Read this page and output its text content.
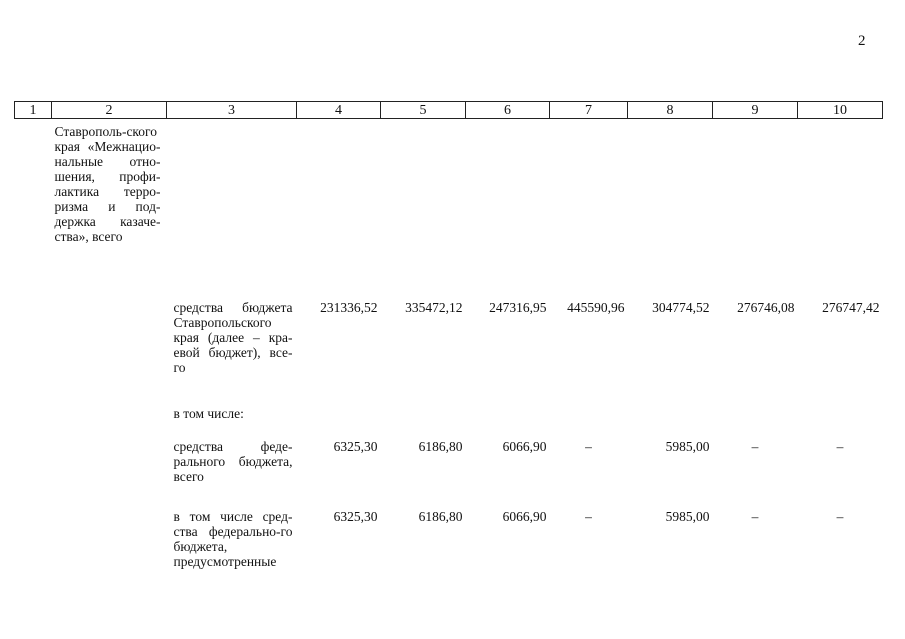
2
1	2	3	4	5	6	7	8	9	10
	Ставрополь-ского края «Межнацио-нальные отно-шения, профи-лактика терро-ризма и под-держка казаче-ства», всего								
		средства бюджета Ставропольского края (далее – кра-евой бюджет), все-го	231336,52	335472,12	247316,95	445590,96	304774,52	276746,08	276747,42
		в том числе:							
		средства феде-рального бюджета, всего	6325,30	6186,80	6066,90	–	5985,00	–	–
		в том числе сред-ства федерально-го бюджета, предусмотренные	6325,30	6186,80	6066,90	–	5985,00	–	–
